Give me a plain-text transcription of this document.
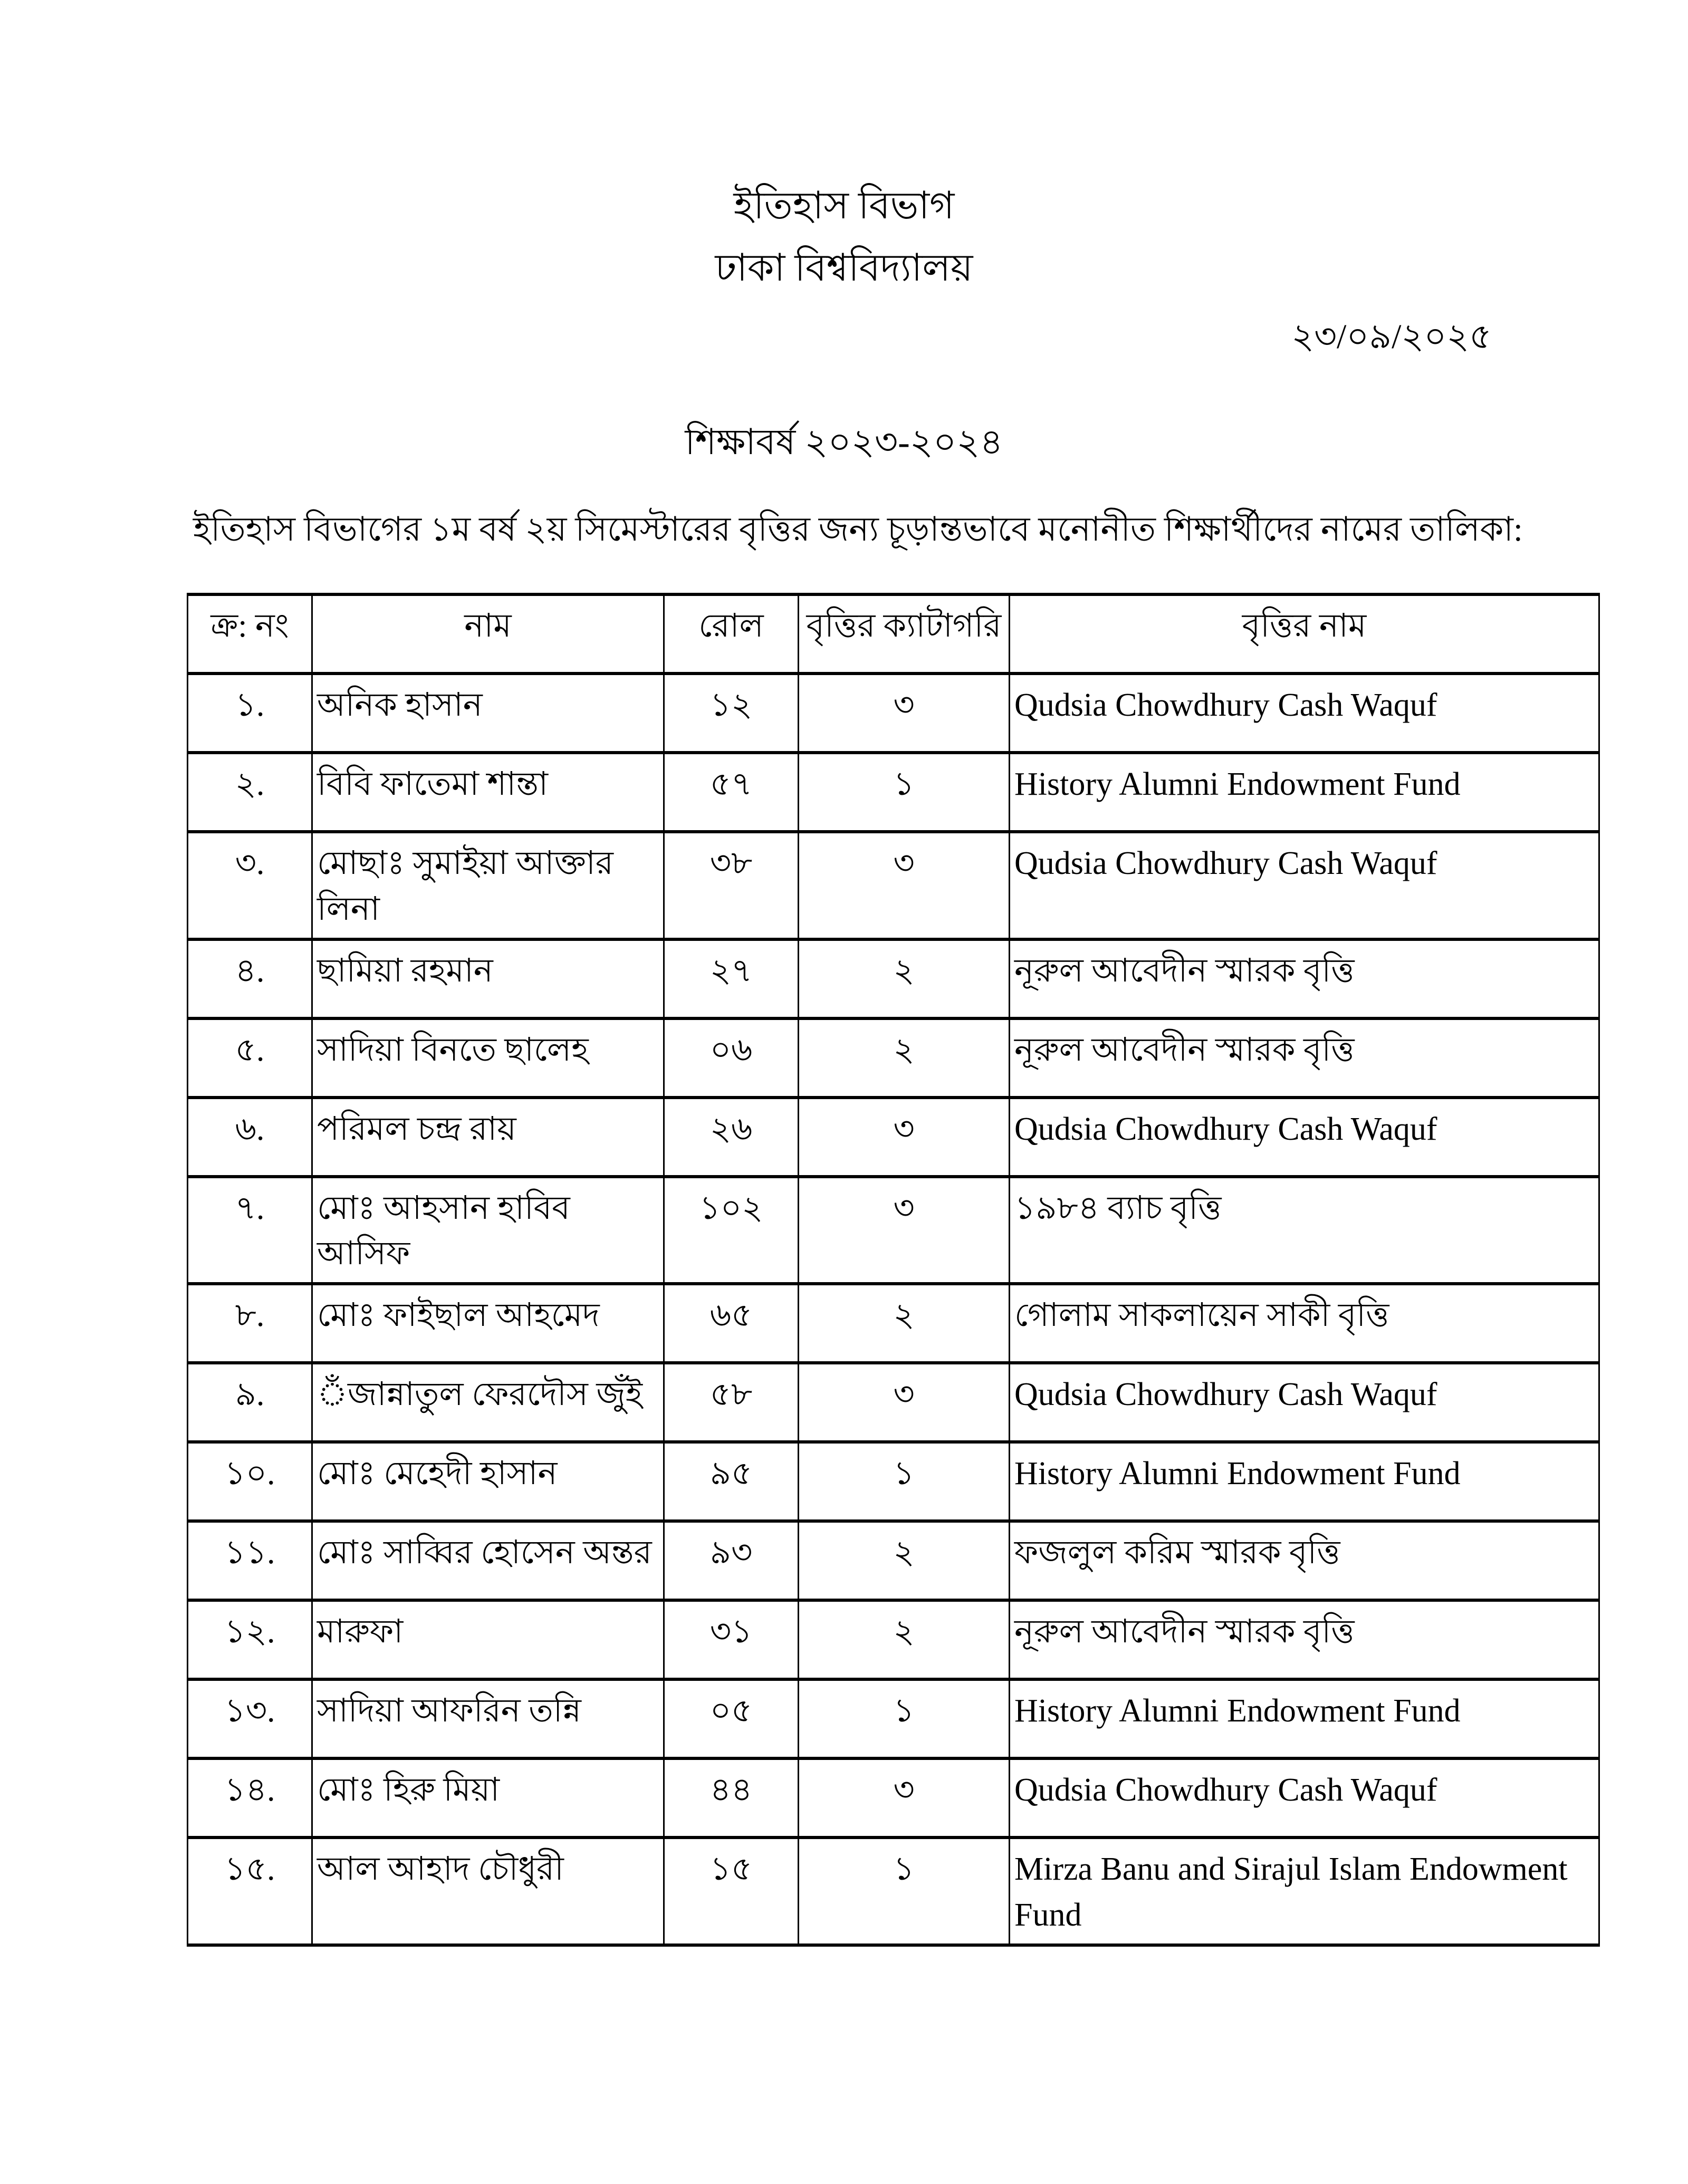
ইতিহাস বিভাগ
ঢাকা বিশ্ববিদ্যালয়
২৩/০৯/২০২৫
শিক্ষাবর্ষ ২০২৩-২০২৪
ইতিহাস বিভাগের ১ম বর্ষ ২য় সিমেস্টারের বৃত্তির জন্য চূড়ান্তভাবে মনোনীত শিক্ষার্থীদের নামের তালিকা:
ক্র: নং	নাম	রোল	বৃত্তির ক্যাটাগরি	বৃত্তির নাম
১.	অনিক হাসান	১২	৩	Qudsia Chowdhury Cash Waquf
২.	বিবি ফাতেমা শান্তা	৫৭	১	History Alumni Endowment Fund
৩.	মোছাঃ সুমাইয়া আক্তার লিনা	৩৮	৩	Qudsia Chowdhury Cash Waquf
৪.	ছামিয়া রহমান	২৭	২	নূরুল আবেদীন স্মারক বৃত্তি
৫.	সাদিয়া বিনতে ছালেহ	০৬	২	নূরুল আবেদীন স্মারক বৃত্তি
৬.	পরিমল চন্দ্র রায়	২৬	৩	Qudsia Chowdhury Cash Waquf
৭.	মোঃ আহসান হাবিব আসিফ	১০২	৩	১৯৮৪ ব্যাচ বৃত্তি
৮.	মোঃ ফাইছাল আহমেদ	৬৫	২	গোলাম সাকলায়েন সাকী বৃত্তি
৯.	ঁজান্নাতুল ফেরদৌস জুঁই	৫৮	৩	Qudsia Chowdhury Cash Waquf
১০.	মোঃ মেহেদী হাসান	৯৫	১	History Alumni Endowment Fund
১১.	মোঃ সাব্বির হোসেন অন্তর	৯৩	২	ফজলুল করিম স্মারক বৃত্তি
১২.	মারুফা	৩১	২	নূরুল আবেদীন স্মারক বৃত্তি
১৩.	সাদিয়া আফরিন তন্নি	০৫	১	History Alumni Endowment Fund
১৪.	মোঃ হিরু মিয়া	৪৪	৩	Qudsia Chowdhury Cash Waquf
১৫.	আল আহাদ চৌধুরী	১৫	১	Mirza Banu and Sirajul Islam Endowment Fund
